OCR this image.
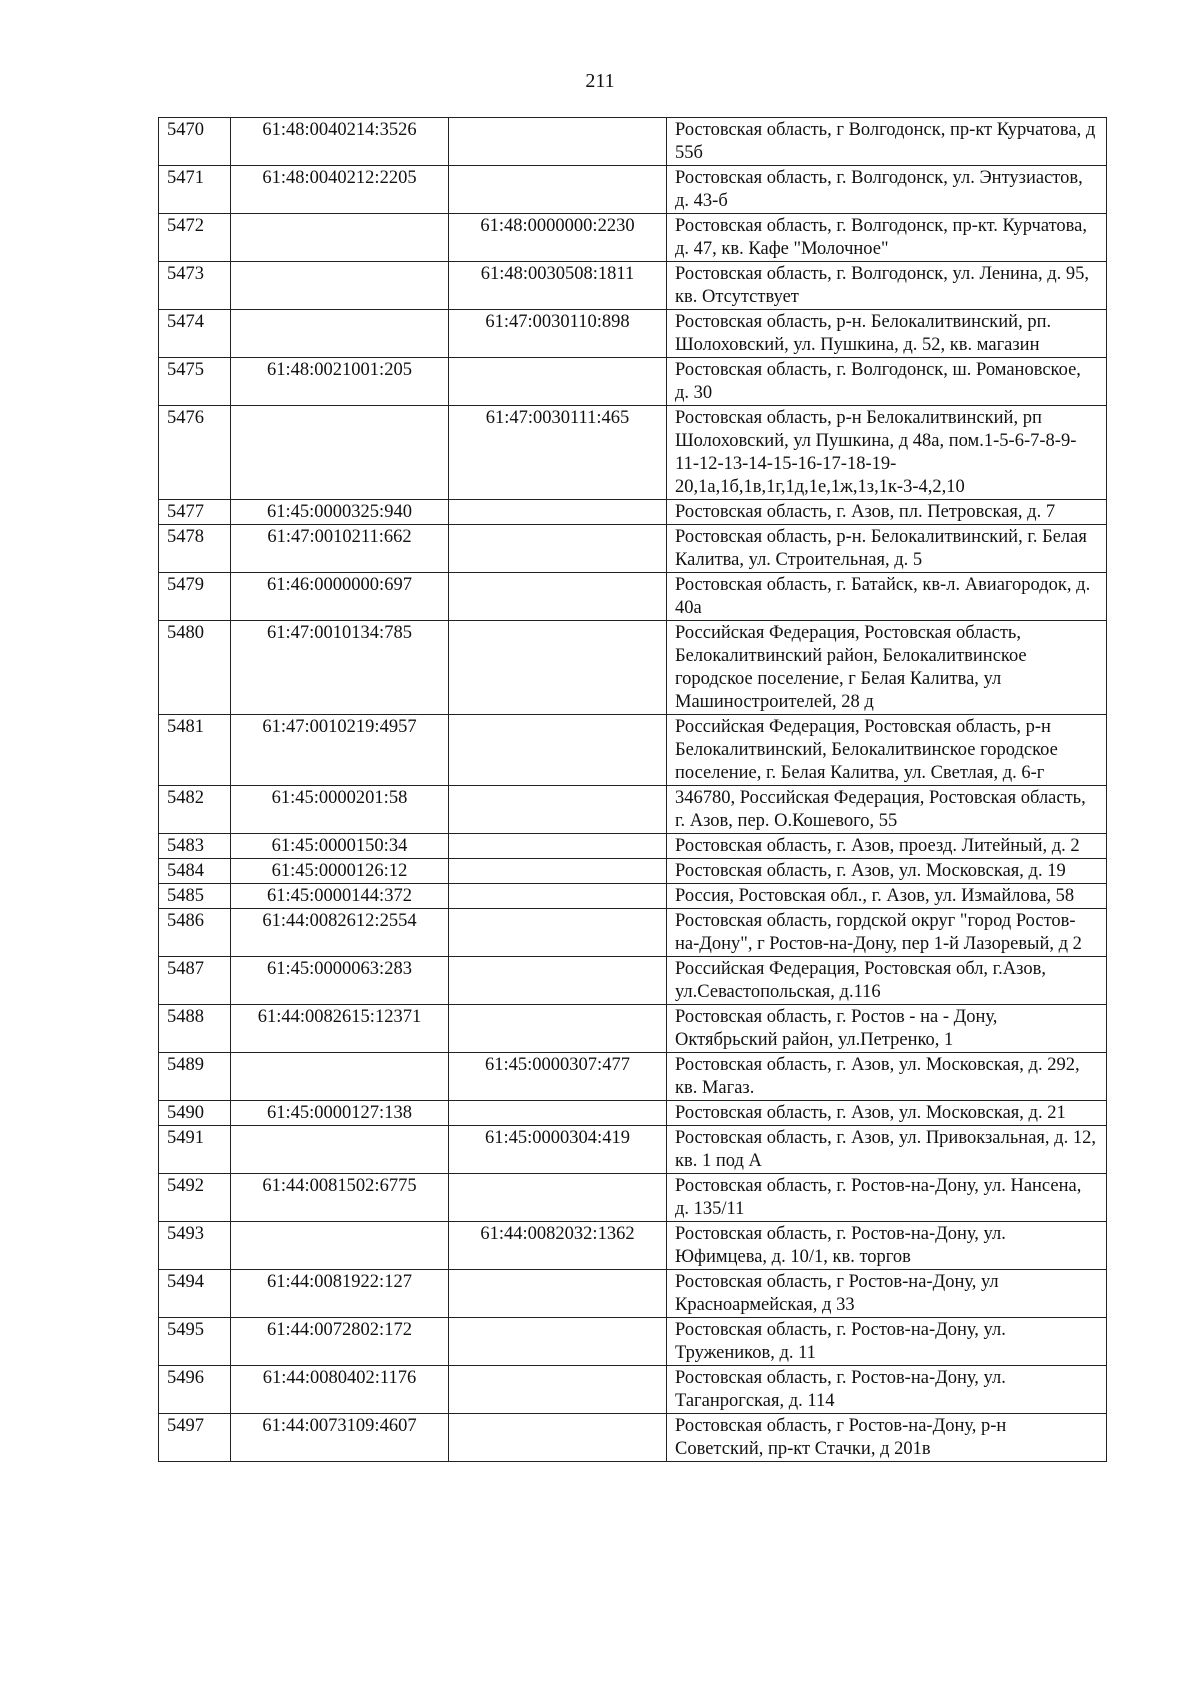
211
5470	61:48:0040214:3526		Ростовская область, г Волгодонск, пр-кт Курчатова, д 55б
5471	61:48:0040212:2205		Ростовская область, г. Волгодонск, ул. Энтузиастов, д. 43-б
5472		61:48:0000000:2230	Ростовская область, г. Волгодонск, пр-кт. Курчатова, д. 47, кв. Кафе "Молочное"
5473		61:48:0030508:1811	Ростовская область, г. Волгодонск, ул. Ленина, д. 95, кв. Отсутствует
5474		61:47:0030110:898	Ростовская область, р-н. Белокалитвинский, рп. Шолоховский, ул. Пушкина, д. 52, кв. магазин
5475	61:48:0021001:205		Ростовская область, г. Волгодонск, ш. Романовское, д. 30
5476		61:47:0030111:465	Ростовская область, р-н Белокалитвинский, рп Шолоховский, ул Пушкина, д 48а, пом.1-5-6-7-8-9-11-12-13-14-15-16-17-18-19-20,1а,1б,1в,1г,1д,1е,1ж,1з,1к-3-4,2,10
5477	61:45:0000325:940		Ростовская область, г. Азов, пл. Петровская, д. 7
5478	61:47:0010211:662		Ростовская область, р-н. Белокалитвинский, г. Белая Калитва, ул. Строительная, д. 5
5479	61:46:0000000:697		Ростовская область, г. Батайск, кв-л. Авиагородок, д. 40а
5480	61:47:0010134:785		Российская Федерация, Ростовская область, Белокалитвинский район, Белокалитвинское городское поселение, г Белая Калитва, ул Машиностроителей, 28 д
5481	61:47:0010219:4957		Российская Федерация, Ростовская область, р-н Белокалитвинский, Белокалитвинское городское поселение, г. Белая Калитва, ул. Светлая, д. 6-г
5482	61:45:0000201:58		346780, Российская Федерация, Ростовская область, г. Азов, пер. О.Кошевого, 55
5483	61:45:0000150:34		Ростовская область, г. Азов, проезд. Литейный, д. 2
5484	61:45:0000126:12		Ростовская область, г. Азов, ул. Московская, д. 19
5485	61:45:0000144:372		Россия, Ростовская обл., г. Азов, ул. Измайлова, 58
5486	61:44:0082612:2554		Ростовская область, гордской округ "город Ростов-на-Дону", г Ростов-на-Дону, пер 1-й Лазоревый, д 2
5487	61:45:0000063:283		Российская Федерация, Ростовская обл, г.Азов, ул.Севастопольская, д.116
5488	61:44:0082615:12371		Ростовская область, г. Ростов - на - Дону, Октябрьский район, ул.Петренко, 1
5489		61:45:0000307:477	Ростовская область, г. Азов, ул. Московская, д. 292, кв. Магаз.
5490	61:45:0000127:138		Ростовская область, г. Азов, ул. Московская, д. 21
5491		61:45:0000304:419	Ростовская область, г. Азов, ул. Привокзальная, д. 12, кв. 1 под А
5492	61:44:0081502:6775		Ростовская область, г. Ростов-на-Дону, ул. Нансена, д. 135/11
5493		61:44:0082032:1362	Ростовская область, г. Ростов-на-Дону, ул. Юфимцева, д. 10/1, кв. торгов
5494	61:44:0081922:127		Ростовская область, г Ростов-на-Дону, ул Красноармейская, д 33
5495	61:44:0072802:172		Ростовская область, г. Ростов-на-Дону, ул. Тружеников, д. 11
5496	61:44:0080402:1176		Ростовская область, г. Ростов-на-Дону, ул. Таганрогская, д. 114
5497	61:44:0073109:4607		Ростовская область, г Ростов-на-Дону, р-н Советский, пр-кт Стачки, д 201в
